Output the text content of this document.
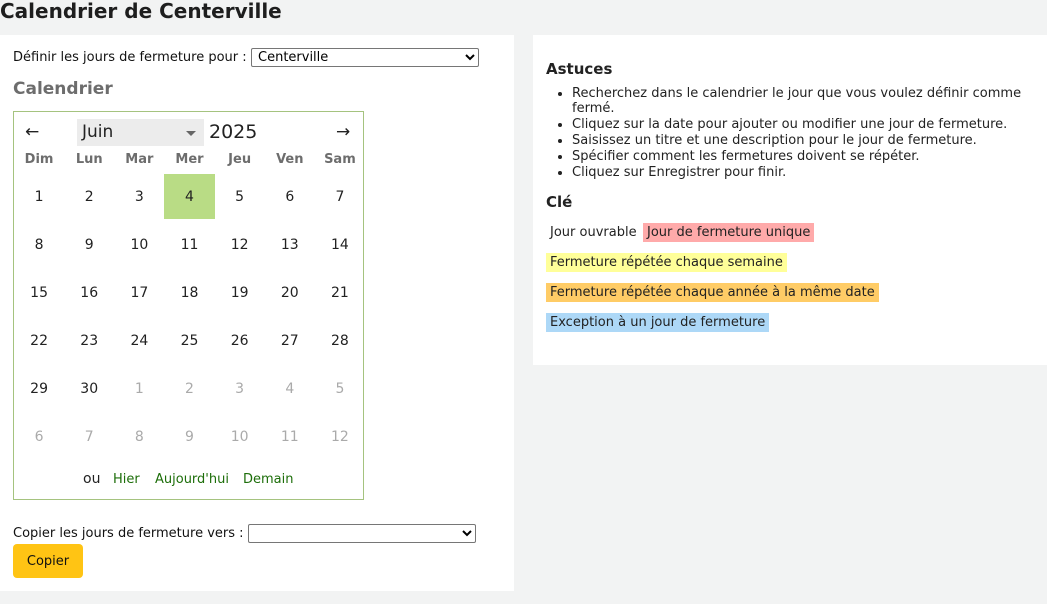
Calendrier de Centerville
Définir les jours de fermeture pour :
Centerville
Calendrier
←	Juin	2025	→
Dim	Lun	Mar	Mer	Jeu	Ven	Sam
1	2	3	4	5	6	7
8	9	10	11	12	13	14
15	16	17	18	19	20	21
22	23	24	25	26	27	28
29	30	1	2	3	4	5
6	7	8	9	10	11	12
ou Hier Aujourd'hui Demain
Copier les jours de fermeture vers :
Copier
Astuces
• Recherchez dans le calendrier le jour que vous voulez définir comme fermé.
• Cliquez sur la date pour ajouter ou modifier une jour de fermeture.
• Saisissez un titre et une description pour le jour de fermeture.
• Spécifier comment les fermetures doivent se répéter.
• Cliquez sur Enregistrer pour finir.
Clé
Jour ouvrable Jour de fermeture unique
Fermeture répétée chaque semaine
Fermeture répétée chaque année à la même date
Exception à un jour de fermeture
